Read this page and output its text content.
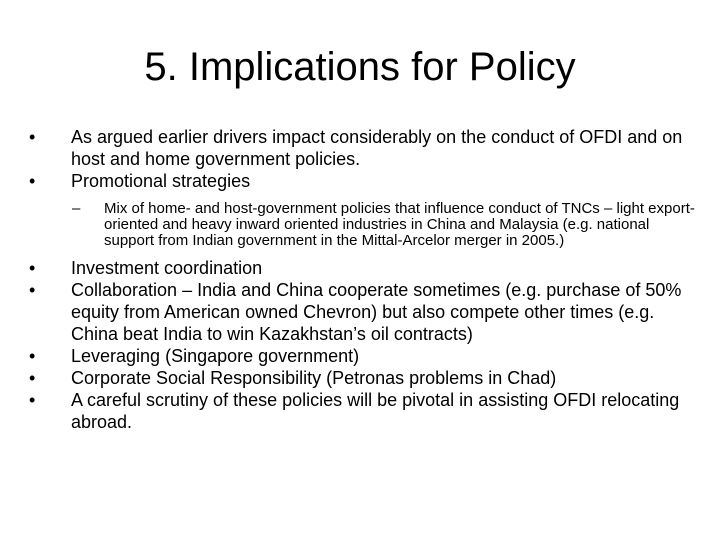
5. Implications for Policy

•	As argued earlier drivers impact considerably on the conduct of OFDI and on host and home government policies.

•	Promotional strategies

– Mix of home- and host-government policies that influence conduct of TNCs – light export-oriented and heavy inward oriented industries in China and Malaysia (e.g. national support from Indian government in the Mittal-Arcelor merger in 2005.)

•	Investment coordination

•	Collaboration – India and China cooperate sometimes (e.g. purchase of 50% equity from American owned Chevron) but also compete other times (e.g. China beat India to win Kazakhstan’s oil contracts)

•	Leveraging (Singapore government)

•	Corporate Social Responsibility (Petronas problems in Chad)

•	A careful scrutiny of these policies will be pivotal in assisting OFDI relocating abroad.
